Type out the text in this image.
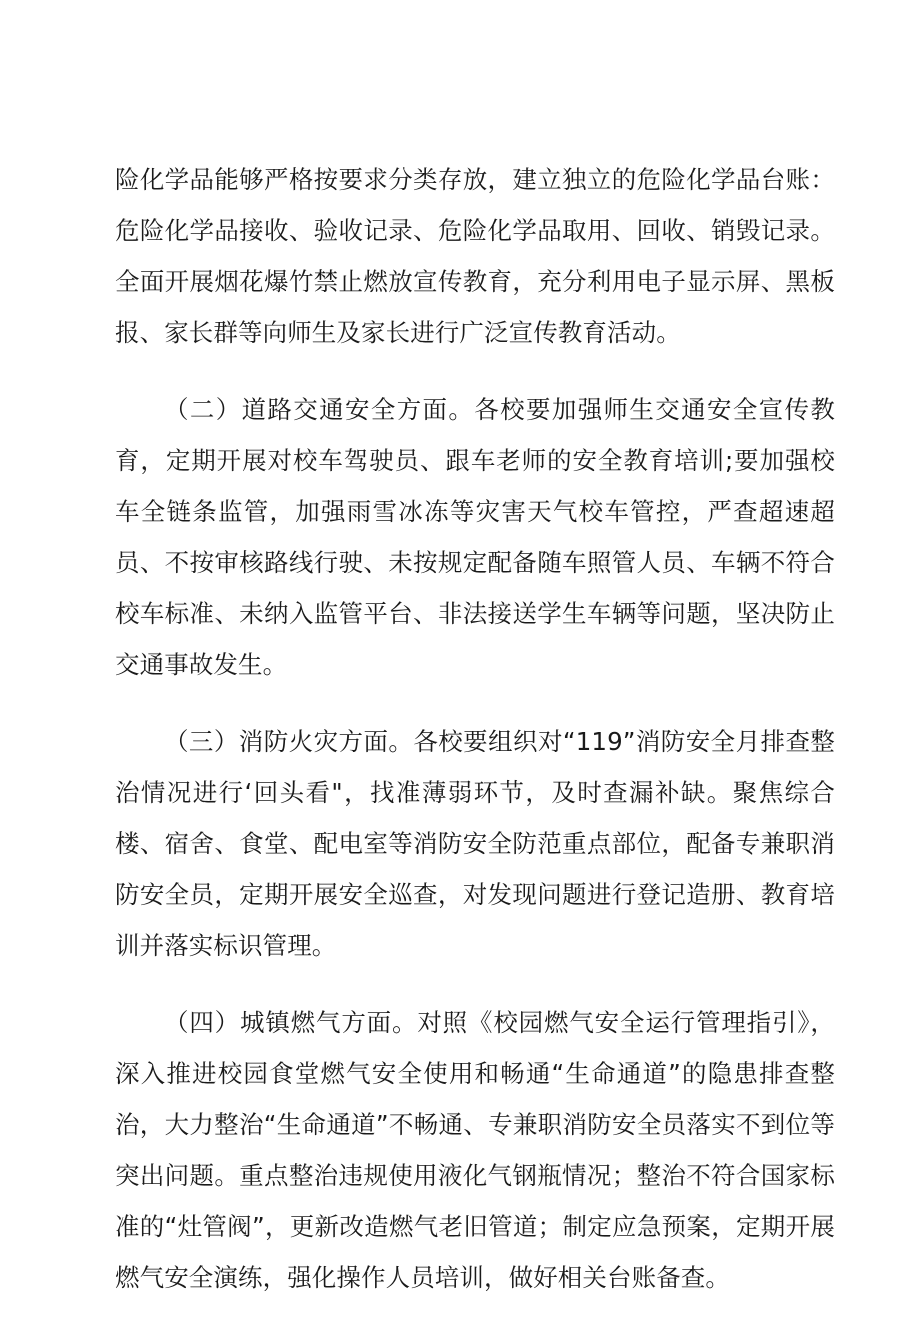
险化学品能够严格按要求分类存放，建立独立的危险化学品台账：危险化学品接收、验收记录、危险化学品取用、回收、销毁记录。全面开展烟花爆竹禁止燃放宣传教育，充分利用电子显示屏、黑板报、家长群等向师生及家长进行广泛宣传教育活动。

（二）道路交通安全方面。各校要加强师生交通安全宣传教育，定期开展对校车驾驶员、跟车老师的安全教育培训;要加强校车全链条监管，加强雨雪冰冻等灾害天气校车管控，严查超速超员、不按审核路线行驶、未按规定配备随车照管人员、车辆不符合校车标准、未纳入监管平台、非法接送学生车辆等问题，坚决防止交通事故发生。

（三）消防火灾方面。各校要组织对“119”消防安全月排查整治情况进行‘回头看"，找准薄弱环节，及时查漏补缺。聚焦综合楼、宿舍、食堂、配电室等消防安全防范重点部位，配备专兼职消防安全员，定期开展安全巡查，对发现问题进行登记造册、教育培训并落实标识管理。

（四）城镇燃气方面。对照《校园燃气安全运行管理指引》，深入推进校园食堂燃气安全使用和畅通“生命通道”的隐患排查整治，大力整治“生命通道”不畅通、专兼职消防安全员落实不到位等突出问题。重点整治违规使用液化气钢瓶情况；整治不符合国家标准的“灶管阀”，更新改造燃气老旧管道；制定应急预案，定期开展燃气安全演练，强化操作人员培训，做好相关台账备查。
